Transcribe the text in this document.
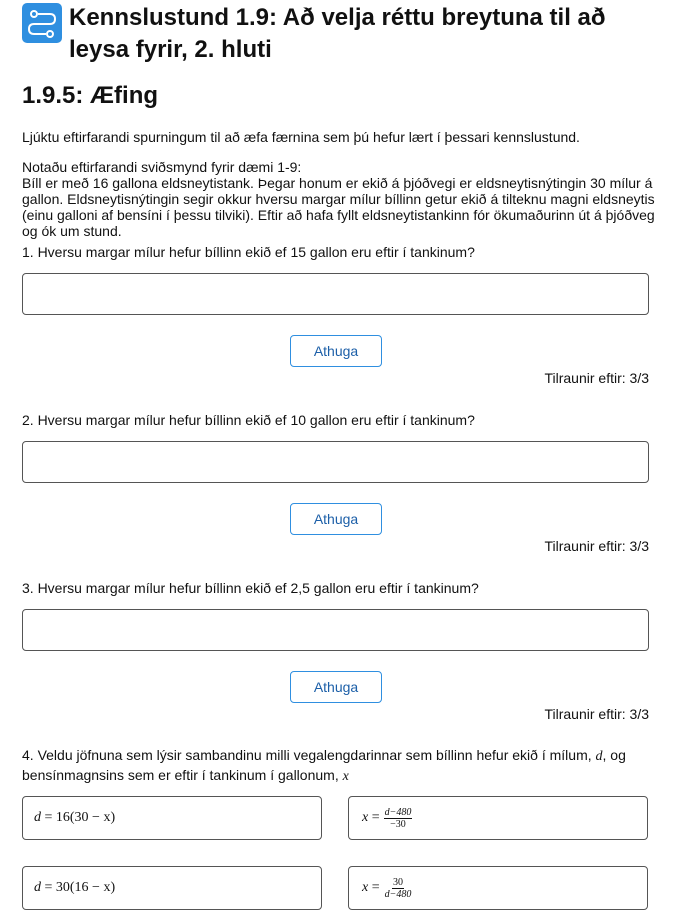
Kennslustund 1.9: Að velja réttu breytuna til að
leysa fyrir, 2. hluti
1.9.5: Æfing
Ljúktu eftirfarandi spurningum til að æfa færnina sem þú hefur lært í þessari kennslustund.
Notaðu eftirfarandi sviðsmynd fyrir dæmi 1-9:
Bíll er með 16 gallona eldsneytistank. Þegar honum er ekið á þjóðvegi er eldsneytisnýtingin 30 mílur á gallon. Eldsneytisnýtingin segir okkur hversu margar mílur bíllinn getur ekið á tilteknu magni eldsneytis (einu galloni af bensíni í þessu tilviki). Eftir að hafa fyllt eldsneytistankinn fór ökumaðurinn út á þjóðveg og ók um stund.
1. Hversu margar mílur hefur bíllinn ekið ef 15 gallon eru eftir í tankinum?
Athuga
Tilraunir eftir: 3/3
2. Hversu margar mílur hefur bíllinn ekið ef 10 gallon eru eftir í tankinum?
Athuga
Tilraunir eftir: 3/3
3. Hversu margar mílur hefur bíllinn ekið ef 2,5 gallon eru eftir í tankinum?
Athuga
Tilraunir eftir: 3/3
4. Veldu jöfnuna sem lýsir sambandinu milli vegalengdarinnar sem bíllinn hefur ekið í mílum, d, og bensínmagnsins sem er eftir í tankinum í gallonum, x
d
= 16(30 − x)	x
= $\frac{d-480}{-30}$
d
= 30(16 − x)	x
= $\frac{30}{d-480}$
